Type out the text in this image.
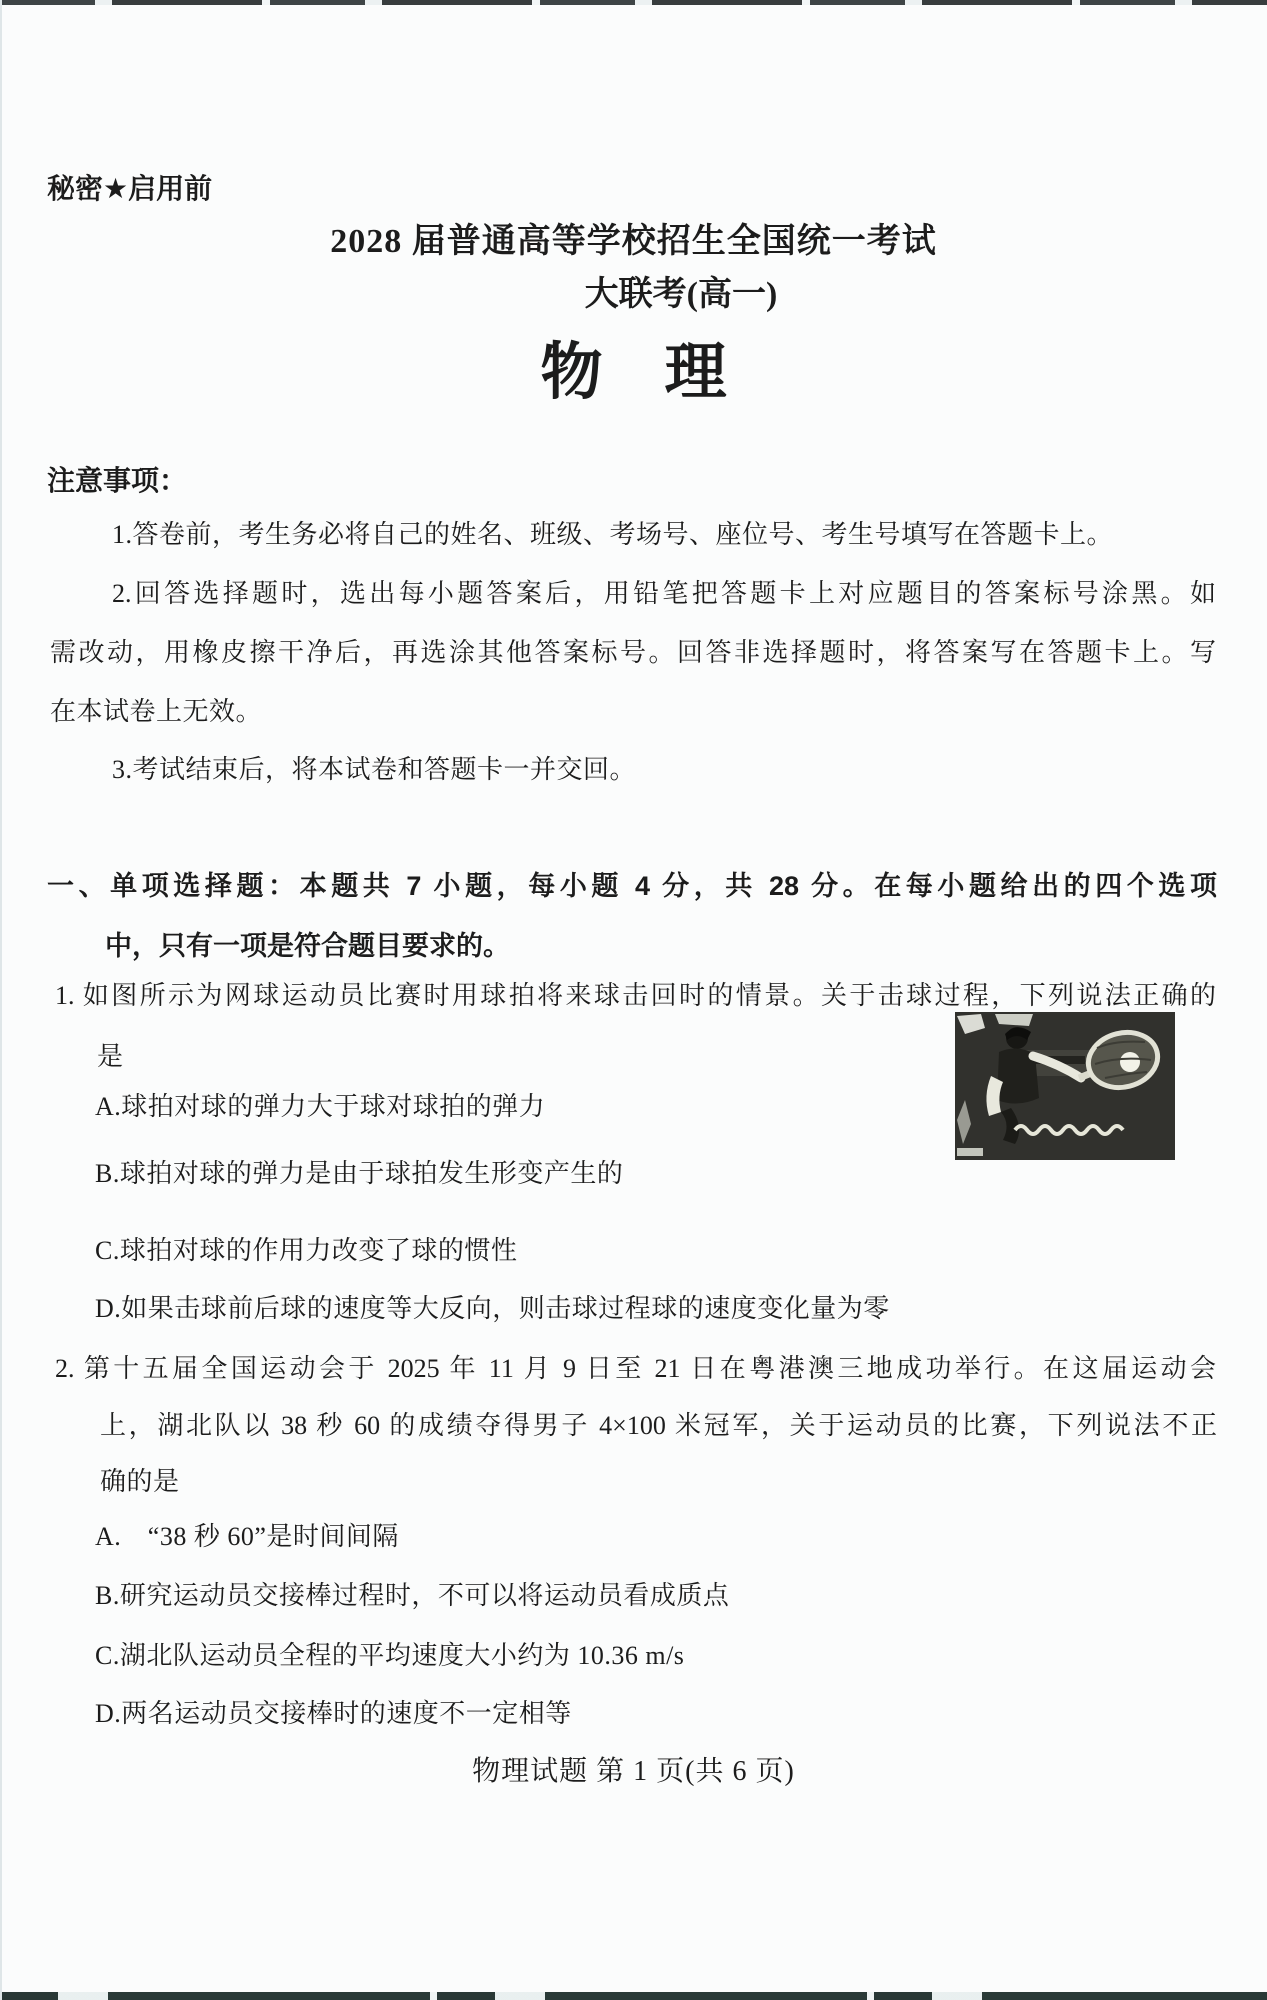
秘密★启用前
2028 届普通高等学校招生全国统一考试
大联考(高一)
物　理
注意事项：
1.答卷前，考生务必将自己的姓名、班级、考场号、座位号、考生号填写在答题卡上。
2.回答选择题时，选出每小题答案后，用铅笔把答题卡上对应题目的答案标号涂黑。如
需改动，用橡皮擦干净后，再选涂其他答案标号。回答非选择题时，将答案写在答题卡上。写
在本试卷上无效。
3.考试结束后，将本试卷和答题卡一并交回。
一、单项选择题：本题共 7 小题，每小题 4 分，共 28 分。在每小题给出的四个选项
中，只有一项是符合题目要求的。
1. 如图所示为网球运动员比赛时用球拍将来球击回时的情景。关于击球过程，下列说法正确的
是
A.球拍对球的弹力大于球对球拍的弹力
B.球拍对球的弹力是由于球拍发生形变产生的
C.球拍对球的作用力改变了球的惯性
D.如果击球前后球的速度等大反向，则击球过程球的速度变化量为零
2. 第十五届全国运动会于 2025 年 11 月 9 日至 21 日在粤港澳三地成功举行。在这届运动会
上，湖北队以 38 秒 60 的成绩夺得男子 4×100 米冠军，关于运动员的比赛，下列说法不正
确的是
A.　“38 秒 60”是时间间隔
B.研究运动员交接棒过程时，不可以将运动员看成质点
C.湖北队运动员全程的平均速度大小约为 10.36 m/s
D.两名运动员交接棒时的速度不一定相等
物理试题 第 1 页(共 6 页)
